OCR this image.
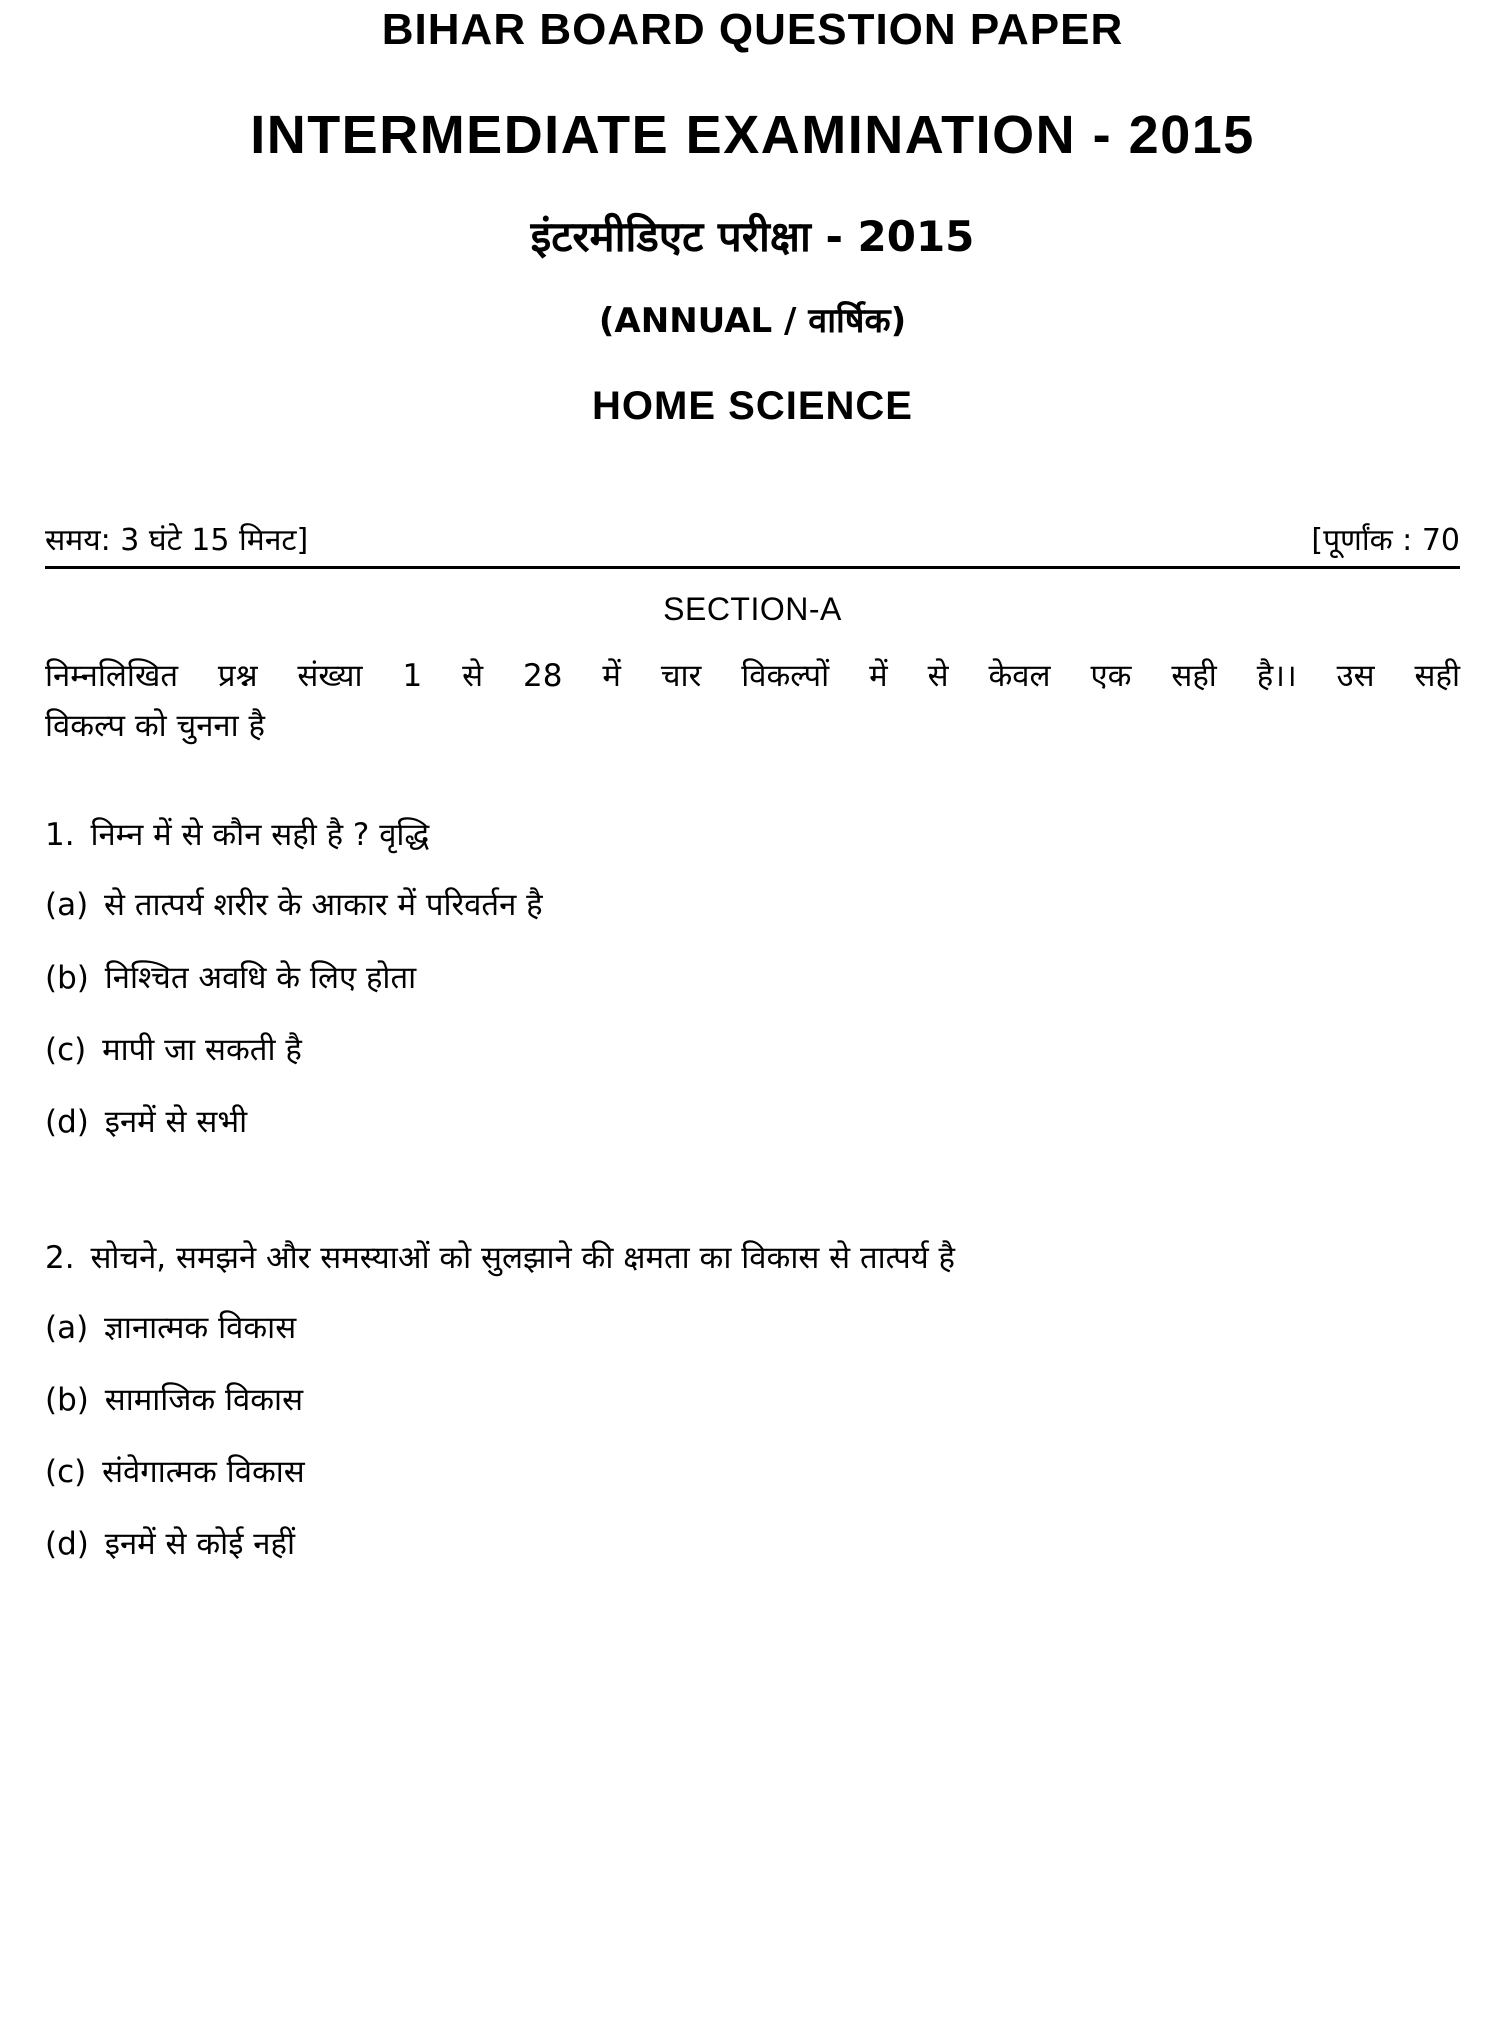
BIHAR BOARD QUESTION PAPER
INTERMEDIATE EXAMINATION - 2015
इंटरमीडिएट परीक्षा - 2015
(ANNUAL / वार्षिक)
HOME SCIENCE
समय: 3 घंटे 15 मिनट]	[पूर्णांक : 70
SECTION-A
निम्नलिखित प्रश्न संख्या 1 से 28 में चार विकल्पों में से केवल एक सही है।। उस सही
विकल्प को चुनना है
1. निम्न में से कौन सही है ? वृद्धि
(a) से तात्पर्य शरीर के आकार में परिवर्तन है
(b) निश्चित अवधि के लिए होता
(c) मापी जा सकती है
(d) इनमें से सभी
2. सोचने, समझने और समस्याओं को सुलझाने की क्षमता का विकास से तात्पर्य है
(a) ज्ञानात्मक विकास
(b) सामाजिक विकास
(c) संवेगात्मक विकास
(d) इनमें से कोई नहीं
